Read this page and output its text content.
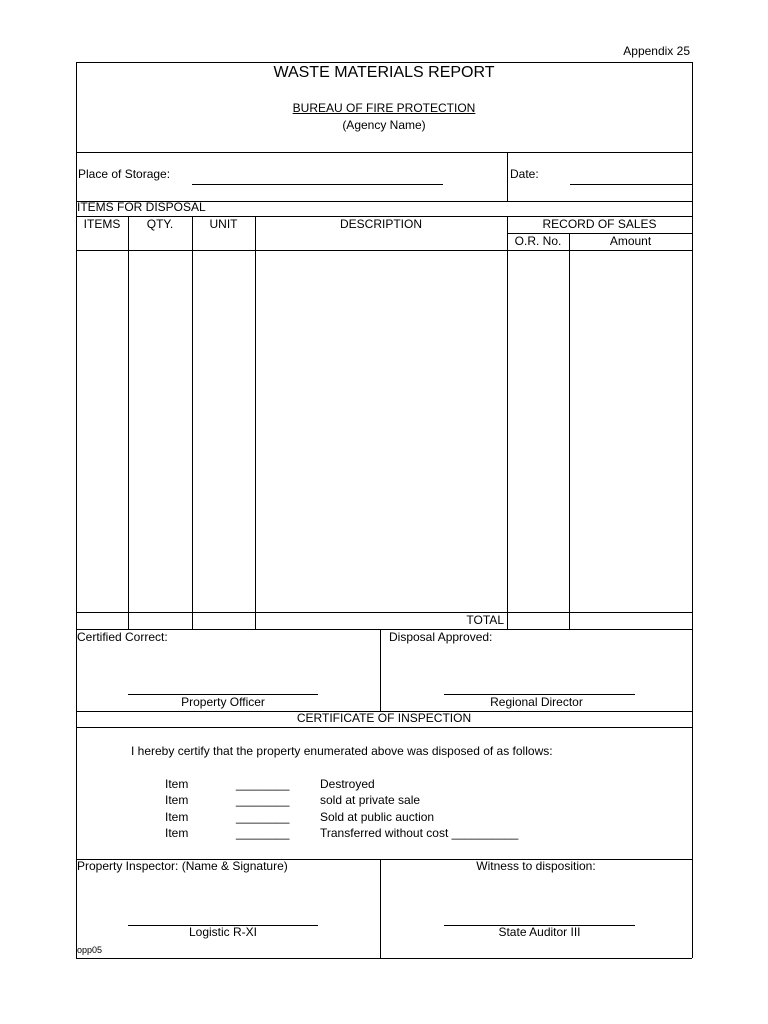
Appendix 25
WASTE MATERIALS REPORT
BUREAU OF FIRE PROTECTION
(Agency Name)
Place of Storage:	Date:
ITEMS FOR DISPOSAL
ITEMS	QTY.	UNIT	DESCRIPTION	RECORD OF SALES
O.R. No.	Amount
TOTAL
Certified Correct:	Disposal Approved:
Property Officer	Regional Director
CERTIFICATE OF INSPECTION
I hereby certify that the property enumerated above was disposed of as follows:
Item	________	Destroyed
Item	________	sold at private sale
Item	________	Sold at public auction
Item	________	Transferred without cost __________
Property Inspector: (Name & Signature)	Witness to disposition:
Logistic R-XI	State Auditor III
opp05
